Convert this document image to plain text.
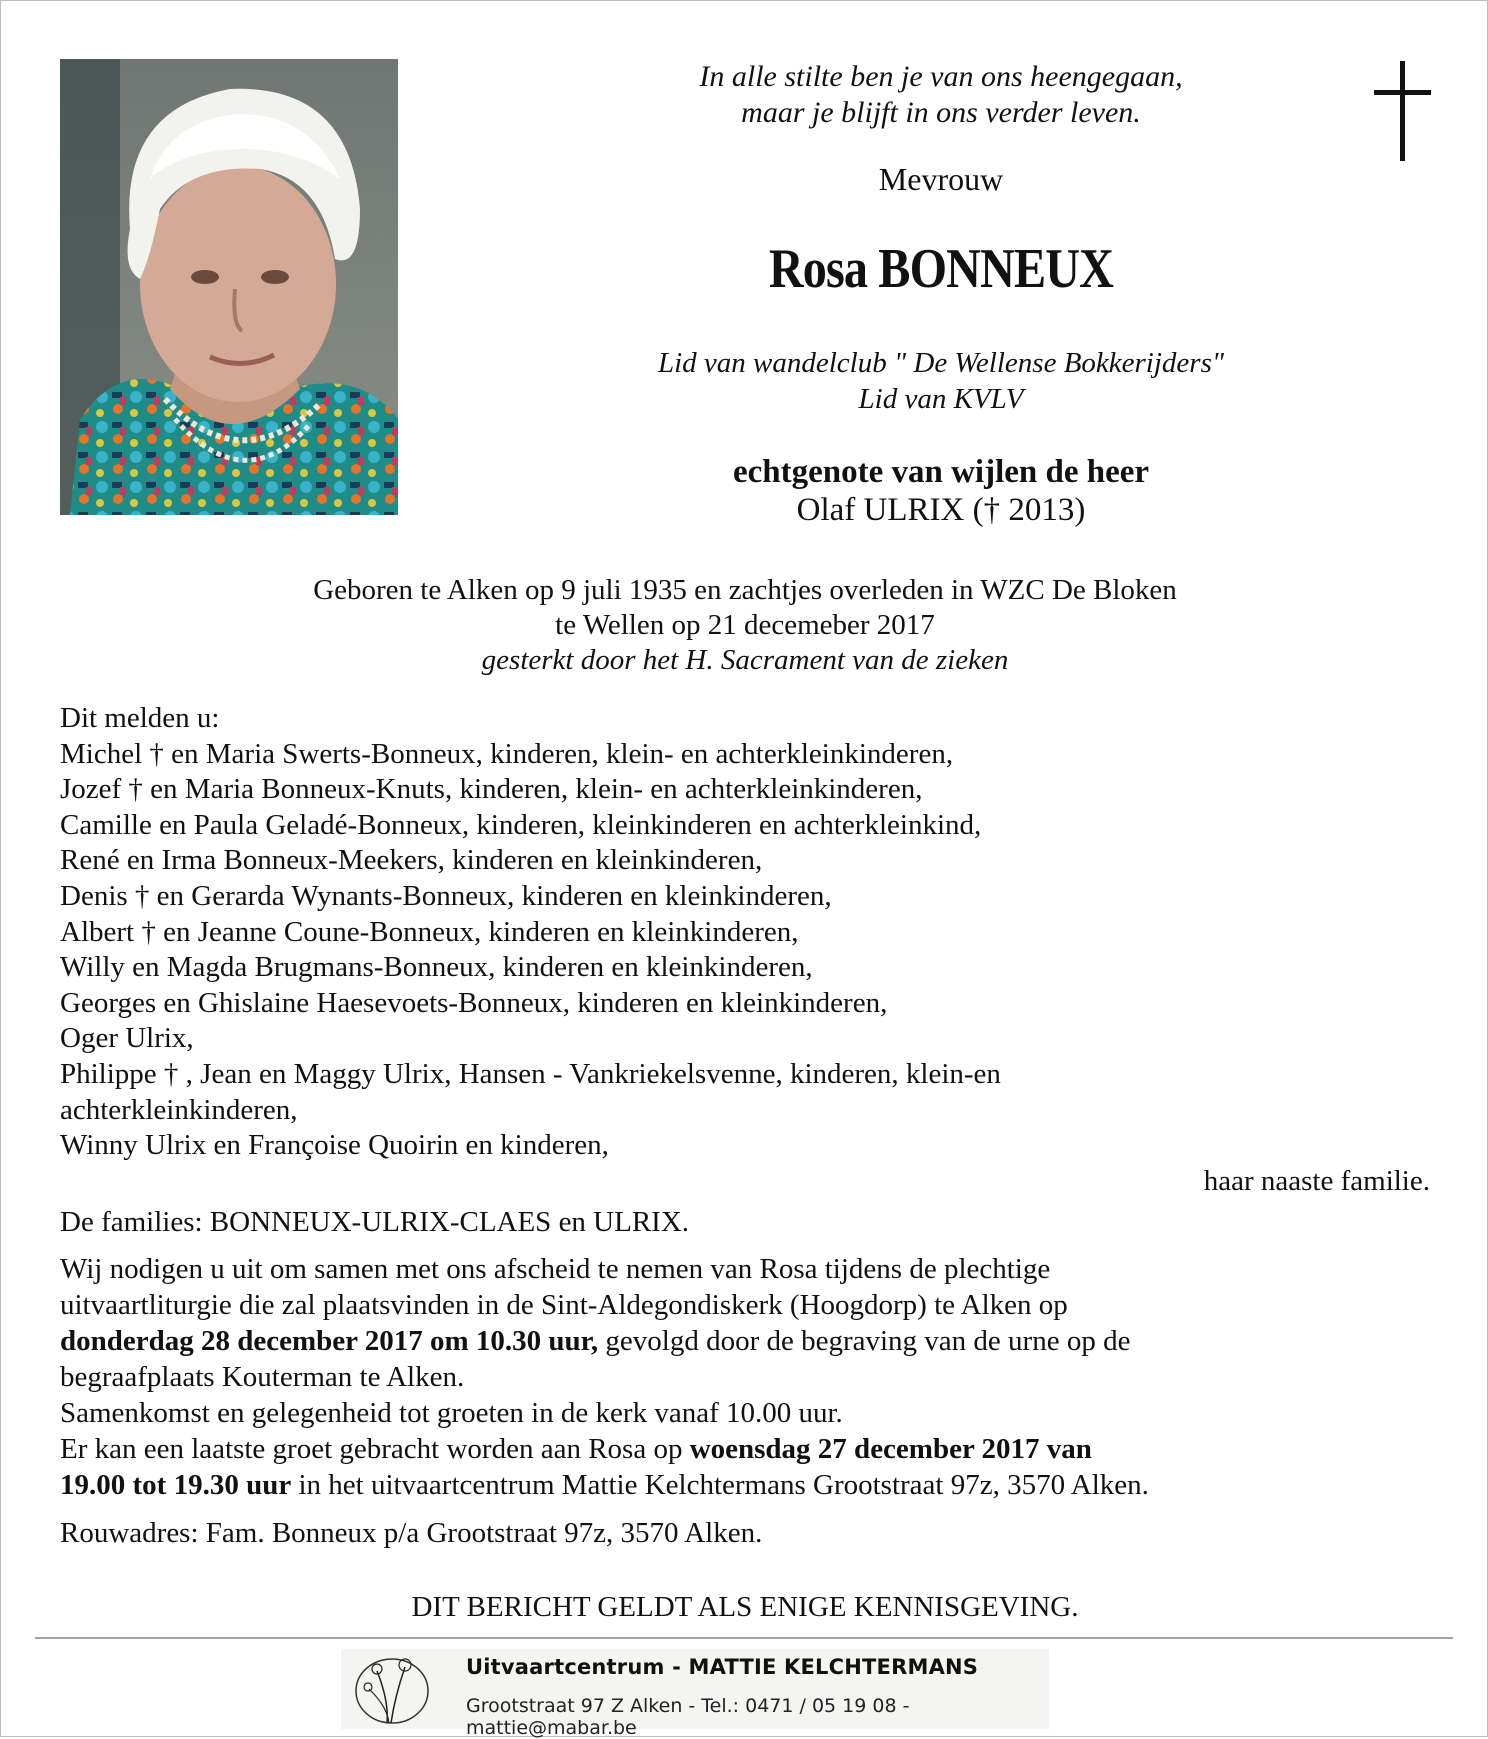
In alle stilte ben je van ons heengegaan,
maar je blijft in ons verder leven.
Mevrouw
Rosa BONNEUX
Lid van wandelclub " De Wellense Bokkerijders"
Lid van KVLV
echtgenote van wijlen de heer
Olaf ULRIX († 2013)
Geboren te Alken op 9 juli 1935 en zachtjes overleden in WZC De Bloken
te Wellen op 21 decemeber 2017
gesterkt door het H. Sacrament van de zieken
Dit melden u:
Michel † en Maria Swerts-Bonneux, kinderen, klein- en achterkleinkinderen,
Jozef † en Maria Bonneux-Knuts, kinderen, klein- en achterkleinkinderen,
Camille en Paula Geladé-Bonneux, kinderen, kleinkinderen en achterkleinkind,
René en Irma Bonneux-Meekers, kinderen en kleinkinderen,
Denis † en Gerarda Wynants-Bonneux, kinderen en kleinkinderen,
Albert † en Jeanne Coune-Bonneux, kinderen en kleinkinderen,
Willy en Magda Brugmans-Bonneux, kinderen en kleinkinderen,
Georges en Ghislaine Haesevoets-Bonneux, kinderen en kleinkinderen,
Oger Ulrix,
Philippe † , Jean en Maggy Ulrix, Hansen - Vankriekelsvenne, kinderen, klein-en
achterkleinkinderen,
Winny Ulrix en Françoise Quoirin en kinderen,
haar naaste familie.
De families: BONNEUX-ULRIX-CLAES en ULRIX.
Wij nodigen u uit om samen met ons afscheid te nemen van Rosa tijdens de plechtige
uitvaartliturgie die zal plaatsvinden in de Sint-Aldegondiskerk (Hoogdorp) te Alken op
donderdag 28 december 2017 om 10.30 uur, gevolgd door de begraving van de urne op de
begraafplaats Kouterman te Alken.
Samenkomst en gelegenheid tot groeten in de kerk vanaf 10.00 uur.
Er kan een laatste groet gebracht worden aan Rosa op woensdag 27 december 2017 van
19.00 tot 19.30 uur in het uitvaartcentrum Mattie Kelchtermans Grootstraat 97z, 3570 Alken.
Rouwadres: Fam. Bonneux p/a Grootstraat 97z, 3570 Alken.
DIT BERICHT GELDT ALS ENIGE KENNISGEVING.
Uitvaartcentrum - MATTIE KELCHTERMANS
Grootstraat 97 Z Alken - Tel.: 0471 / 05 19 08 - mattie@mabar.be
